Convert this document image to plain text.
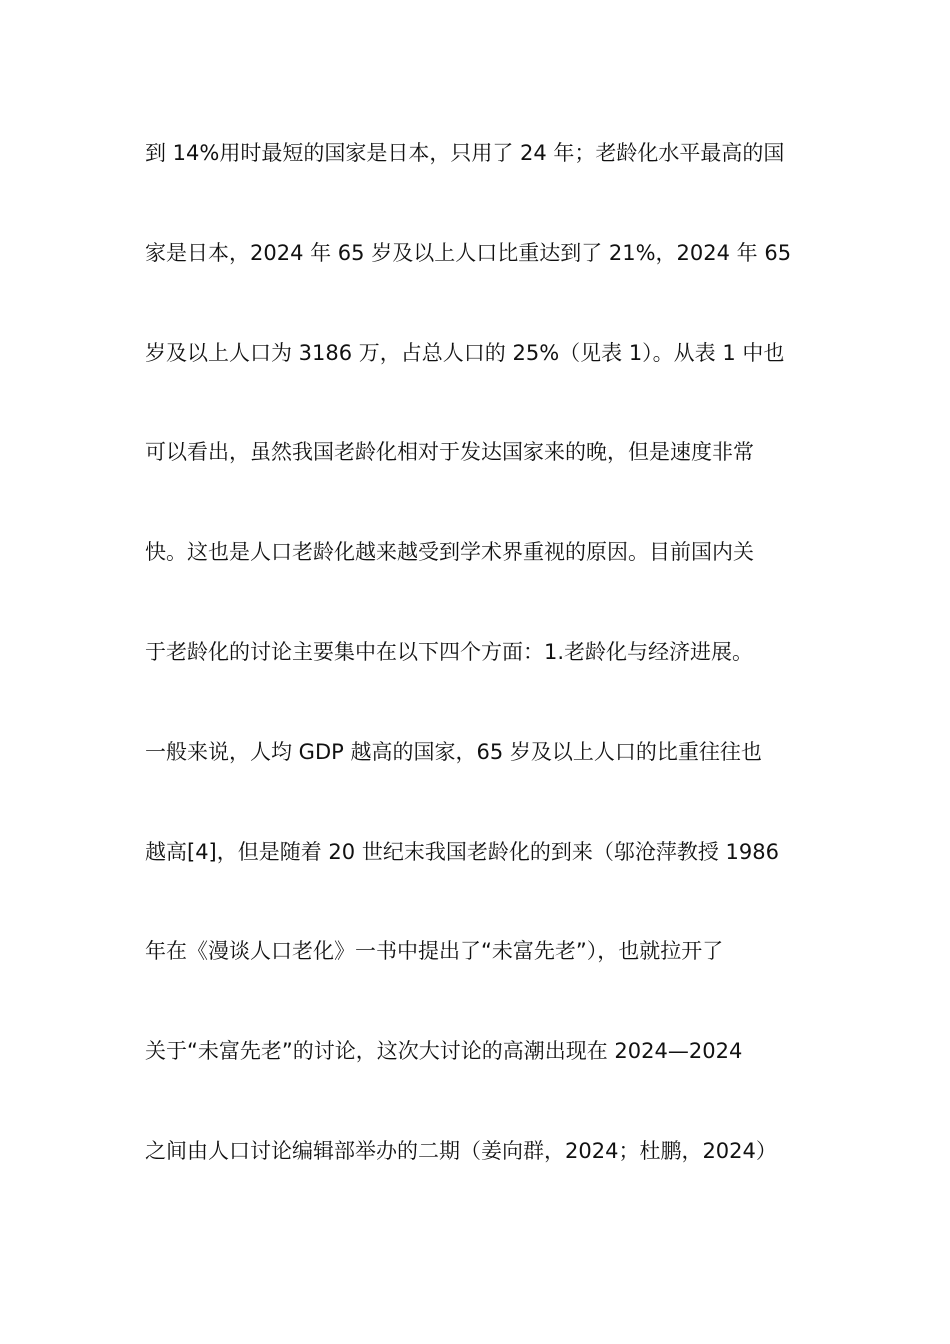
到 14%用时最短的国家是日本，只用了 24 年；老龄化水平最高的国
家是日本，2024 年 65 岁及以上人口比重达到了 21%，2024 年 65
岁及以上人口为 3186 万，占总人口的 25%（见表 1）。从表 1 中也
可以看出，虽然我国老龄化相对于发达国家来的晚，但是速度非常
快。这也是人口老龄化越来越受到学术界重视的原因。目前国内关
于老龄化的讨论主要集中在以下四个方面：1.老龄化与经济进展。
一般来说，人均 GDP 越高的国家，65 岁及以上人口的比重往往也
越高[4]，但是随着 20 世纪末我国老龄化的到来（邬沧萍教授 1986
年在《漫谈人口老化》一书中提出了“未富先老”），也就拉开了
关于“未富先老”的讨论，这次大讨论的高潮出现在 2024—2024
之间由人口讨论编辑部举办的二期（姜向群，2024；杜鹏，2024）
